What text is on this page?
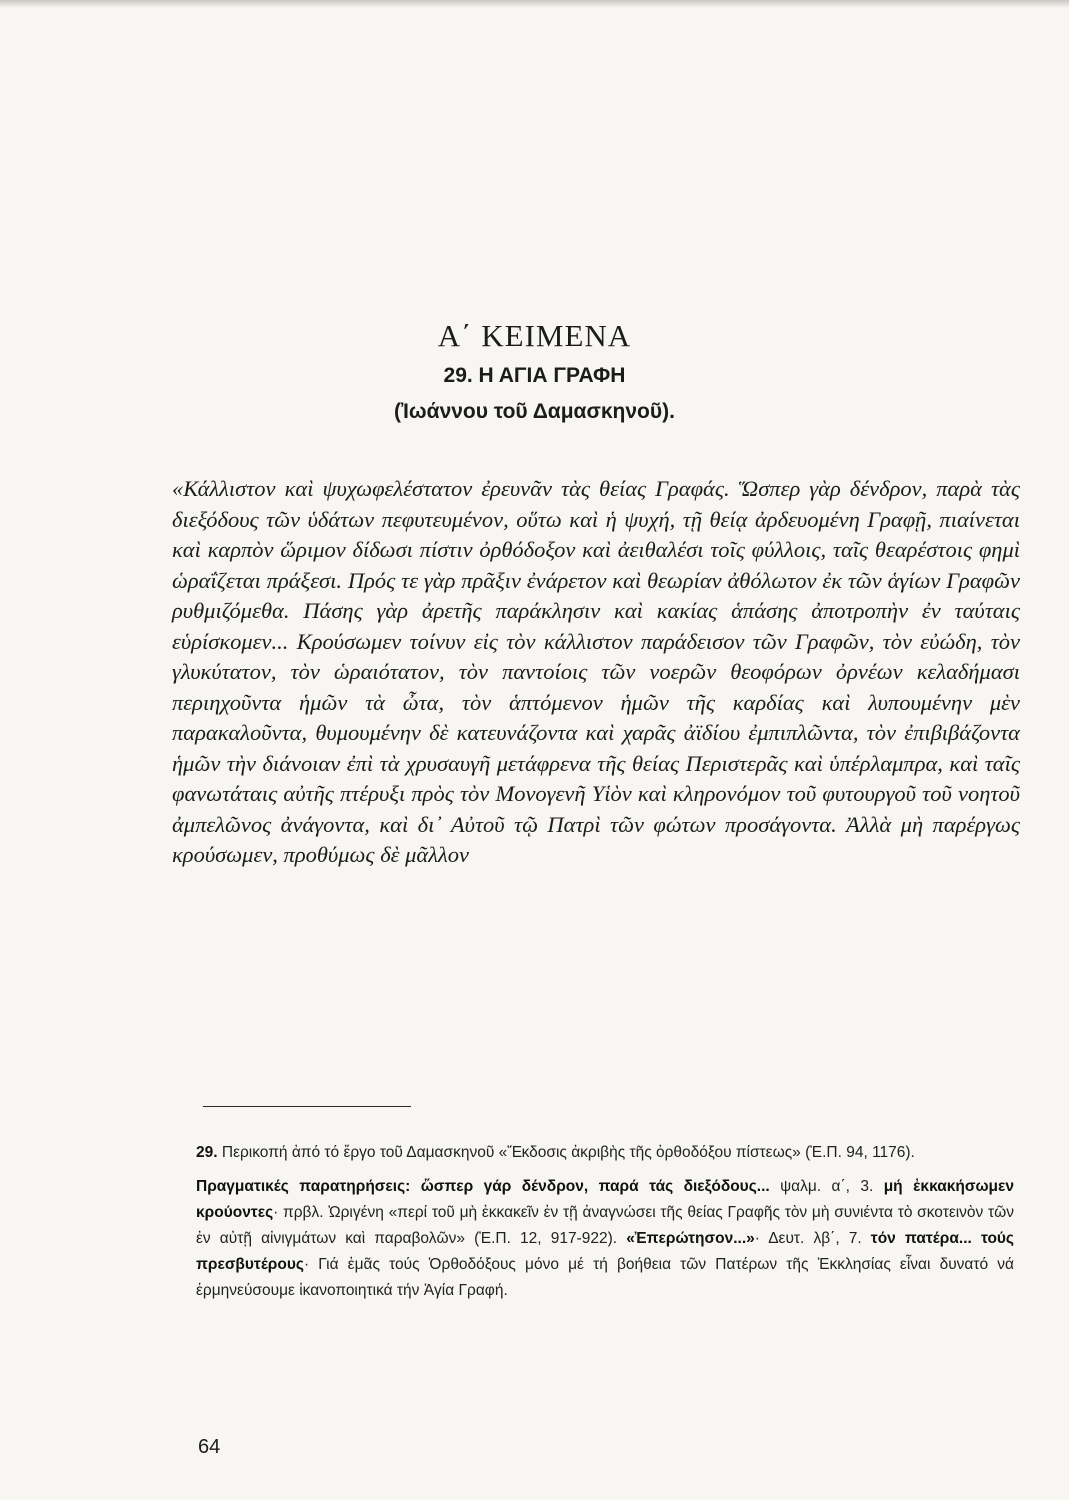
Α΄ ΚΕΙΜΕΝΑ
29. Η ΑΓΙΑ ΓΡΑΦΗ
(Ἰωάννου τοῦ Δαμασκηνοῦ).

«Κάλλιστον καὶ ψυχωφελέστατον ἐρευνᾶν τὰς θείας Γραφάς. Ὥσπερ γὰρ δένδρον, παρὰ τὰς διεξόδους τῶν ὑδάτων πεφυτευμένον, οὕτω καὶ ἡ ψυχή, τῇ θείᾳ ἀρδευομένη Γραφῇ, πιαίνεται καὶ καρπὸν ὥριμον δίδωσι πίστιν ὀρθόδοξον καὶ ἀειθαλέσι τοῖς φύλλοις, ταῖς θεαρέστοις φημὶ ὡραΐζεται πράξεσι. Πρός τε γὰρ πρᾶξιν ἐνάρετον καὶ θεωρίαν ἀθόλωτον ἐκ τῶν ἁγίων Γραφῶν ρυθμιζόμεθα. Πάσης γὰρ ἀρετῆς παράκλησιν καὶ κακίας ἁπάσης ἀποτροπὴν ἐν ταύταις εὑρίσκομεν... Κρούσωμεν τοίνυν εἰς τὸν κάλλιστον παράδεισον τῶν Γραφῶν, τὸν εὐώδη, τὸν γλυκύτατον, τὸν ὡραιότατον, τὸν παντοίοις τῶν νοερῶν θεοφόρων ὀρνέων κελαδήμασι περιηχοῦντα ἡμῶν τὰ ὦτα, τὸν ἁπτόμενον ἡμῶν τῆς καρδίας καὶ λυπουμένην μὲν παρακαλοῦντα, θυμουμένην δὲ κατευνάζοντα καὶ χαρᾶς ἀϊδίου ἐμπιπλῶντα, τὸν ἐπιβιβάζοντα ἡμῶν τὴν διάνοιαν ἐπὶ τὰ χρυσαυγῆ μετάφρενα τῆς θείας Περιστερᾶς καὶ ὑπέρλαμπρα, καὶ ταῖς φανωτάταις αὐτῆς πτέρυξι πρὸς τὸν Μονογενῆ Υἱὸν καὶ κληρονόμον τοῦ φυτουργοῦ τοῦ νοητοῦ ἀμπελῶνος ἀνάγοντα, καὶ δι᾽ Αὐτοῦ τῷ Πατρὶ τῶν φώτων προσάγοντα. Ἀλλὰ μὴ παρέργως κρούσωμεν, προθύμως δὲ μᾶλλον

29. Περικοπή ἀπό τό ἔργο τοῦ Δαμασκηνοῦ «Ἔκδοσις ἀκριβὴς τῆς ὀρθοδόξου πίστεως» (Ἑ.Π. 94, 1176).

Πραγματικές παρατηρήσεις: ὥσπερ γάρ δένδρον, παρά τάς διεξόδους... ψαλμ. α΄, 3. μή ἐκκακήσωμεν κρούοντες· πρβλ. Ὠριγένη «περί τοῦ μὴ ἐκκακεῖν ἐν τῇ ἀναγνώσει τῆς θείας Γραφῆς τὸν μὴ συνιέντα τὸ σκοτεινὸν τῶν ἐν αὐτῇ αἰνιγμάτων καὶ παραβολῶν» (Ἑ.Π. 12, 917-922). «Ἐπερώτησον...»· Δευτ. λβ΄, 7. τόν πατέρα... τούς πρεσβυτέρους· Γιά ἐμᾶς τούς Ὀρθοδόξους μόνο μέ τή βοήθεια τῶν Πατέρων τῆς Ἐκκλησίας εἶναι δυνατό νά ἑρμηνεύσουμε ἱκανοποιητικά τήν Ἁγία Γραφή.

64
